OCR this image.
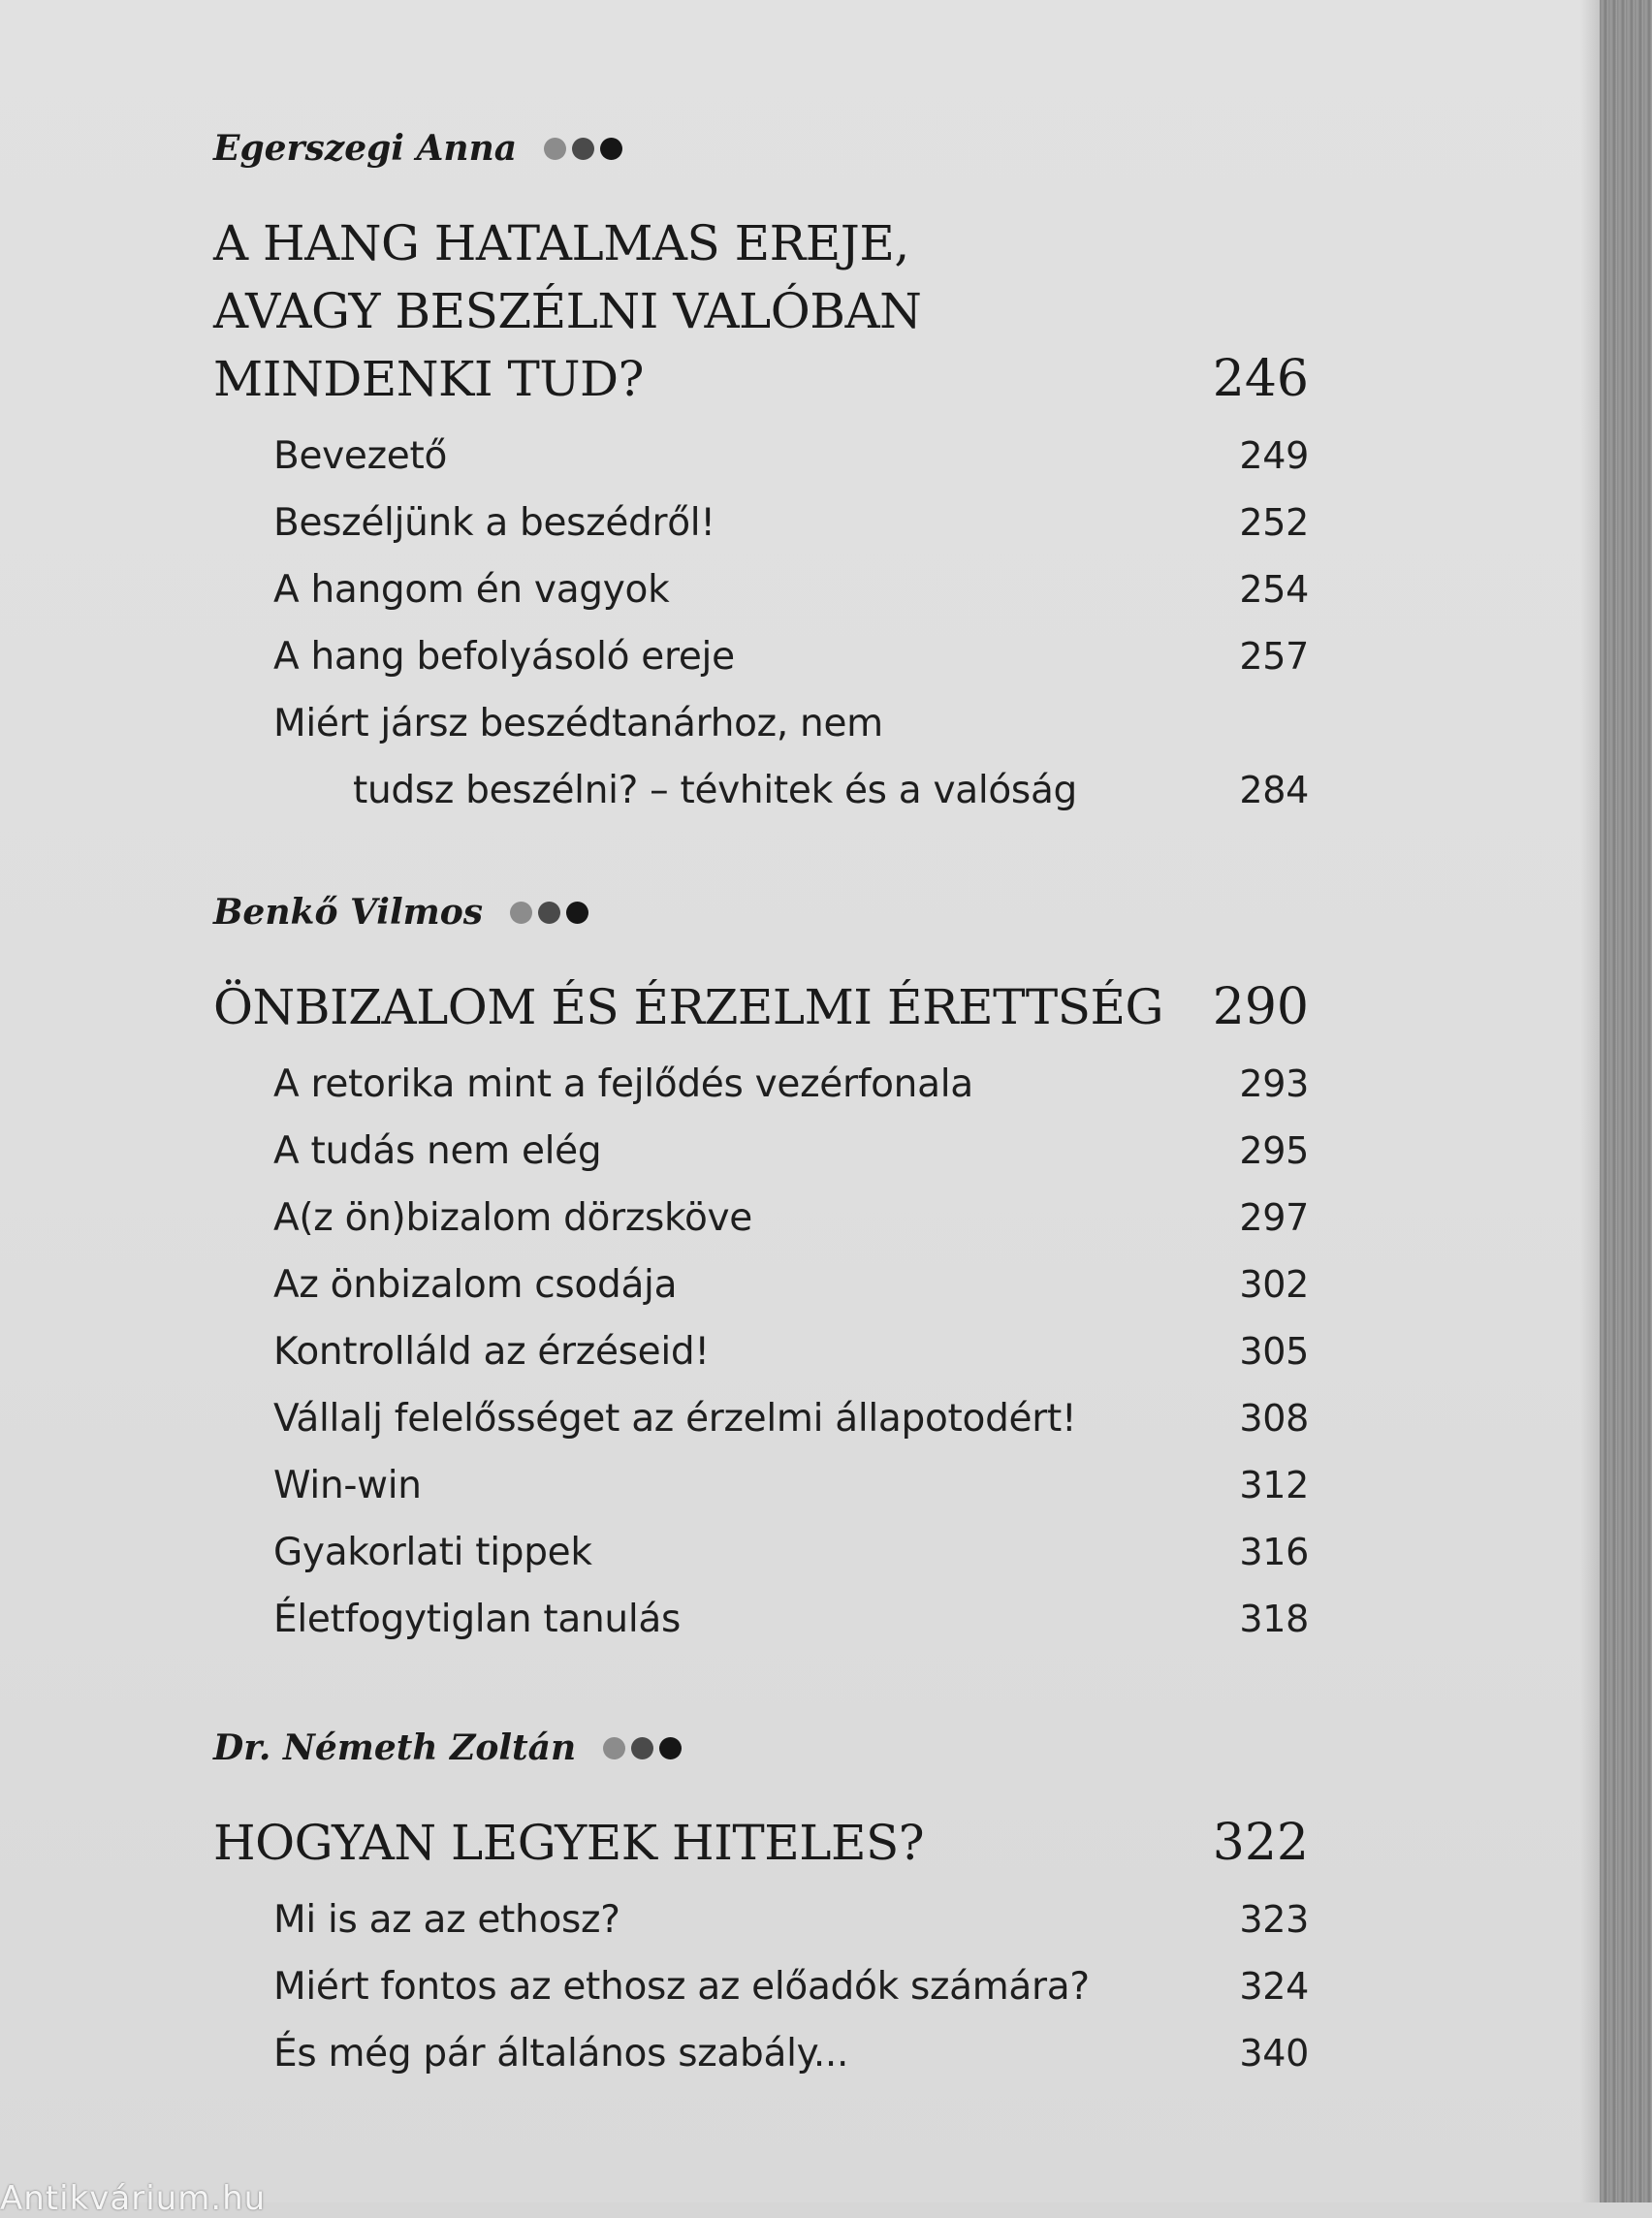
Egerszegi Anna
A HANG HATALMAS EREJE,
AVAGY BESZÉLNI VALÓBAN
MINDENKI TUD?	246
Bevezető	249
Beszéljünk a beszédről!	252
A hangom én vagyok	254
A hang befolyásoló ereje	257
Miért jársz beszédtanárhoz, nem
tudsz beszélni? – tévhitek és a valóság	284
Benkő Vilmos
ÖNBIZALOM ÉS ÉRZELMI ÉRETTSÉG 290
A retorika mint a fejlődés vezérfonala	293
A tudás nem elég	295
A(z ön)bizalom dörzsköve	297
Az önbizalom csodája	302
Kontrolláld az érzéseid!	305
Vállalj felelősséget az érzelmi állapotodért!	308
Win-win	312
Gyakorlati tippek	316
Életfogytiglan tanulás	318
Dr. Németh Zoltán
HOGYAN LEGYEK HITELES?	322
Mi is az az ethosz?	323
Miért fontos az ethosz az előadók számára?	324
És még pár általános szabály...	340
Antikvárium.hu
